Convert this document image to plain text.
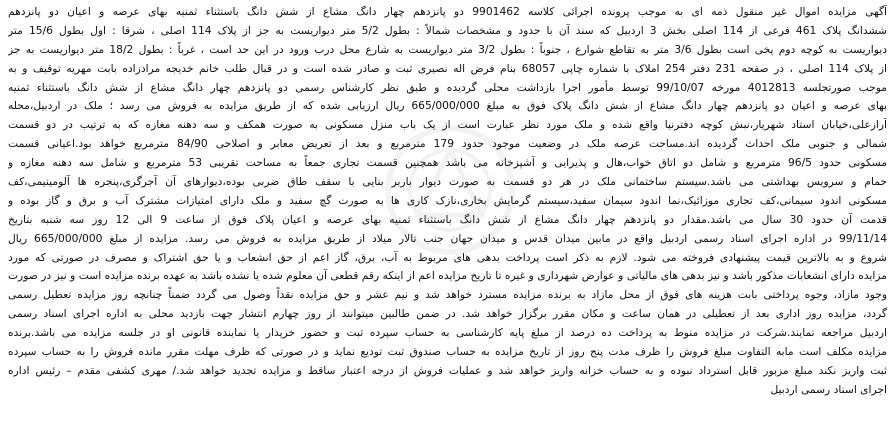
آگهی مزایده اموال غیر منقول ذمه ای به موجب پرونده اجرائی کلاسه 9901462 دو پانزدهم چهار دانگ مشاع از شش دانگ باستثناء ثمنیه بهای عرصه و اعیان دو پانزدهم
ششدانگ پلاک 461 فرعی از 114 اصلی بخش 3 اردبیل که سند آن با حدود و مشخصات شمالاً : بطول 5/2 متر دیواریست به جز از پلاک 114 اصلی ، شرقا : اول بطول 15/6 متر
دیواریست به کوچه دوم پخی است بطول 3/6 متر به تقاطع شوارع ، جنوباً : بطول 3/2 متر دیواریست به شارع محل درب ورود در این حد است ، غرباً : بطول 18/2 متر دیواریست به جز
از پلاک 114 اصلی ، در صفحه 231 دفتر 254 املاک با شماره چاپی 68057 بنام فرض اله نصیری ثبت و صادر شده است و در قبال طلب خانم خدیجه مرادزاده بابت مهریه توقیف و به
موجب صورتجلسه 4012813 مورخه 99/10/07 توسط مأمور اجرا بازداشت محلی گردیده و طبق نظر کارشناس رسمی دو پانزدهم چهار دانگ مشاع از شش دانگ باستثناء ثمنیه
بهای عرصه و اعیان دو پانزدهم چهار دانگ مشاع از شش دانگ پلاک فوق به مبلغ 665/000/000 ریال ارزیابی شده که از طریق مزایده به فروش می رسد ؛ ملک در اردبیل،محله
آرازعلی،خیابان استاد شهریار،نبش کوچه دفترنیا واقع شده و ملک مورد نظر عبارت است از یک باب منزل مسکونی به صورت همکف و سه دهنه مغازه که به ترتیب در دو قسمت
شمالی و جنوبی ملک احداث گردیده اند.مساحت عرصه ملک در وضعیت موجود حدود 179 مترمربع و بعد از تعریض معابر و اصلاحی 84/90 مترمربع خواهد بود.اعیانی قسمت
مسکونی حدود 96/5 مترمربع و شامل دو اتاق خواب،هال و پذیرایی و آشپزخانه می باشد همچنین قسمت تجاری جمعاً به مساحت تقریبی 53 مترمربع و شامل سه دهنه مغازه و
حمام و سرویس بهداشتی می باشد.سیستم ساختمانی ملک در هر دو قسمت به صورت دیوار باربر بنایی با سقف طاق ضربی بوده،دیوارهای آن آجرگری،پنجره ها آلومینیمی،کف
مسکونی اندود سیمانی،کف تجاری موزائیک،نما اندود سیمان سفید،سیستم گرمایش بخاری،نازک کاری ها به صورت گچ سفید و ملک دارای امتیازات مشترک آب و برق و گاز بوده و
قدمت آن حدود 30 سال می باشد.مقدار دو پانزدهم چهار دانگ مشاع از شش دانگ باستثناء ثمنیه بهای عرصه و اعیان پلاک فوق از ساعت 9 الی 12 روز سه شنبه بتاریخ
99/11/14 در اداره اجرای اسناد رسمی اردبیل واقع در مابین میدان قدس و میدان جهان جنب تالار میلاد از طریق مزایده به فروش می رسد. مزایده از مبلغ 665/000/000 ریال
شروع و به بالاترین قیمت پیشنهادی فروخته می شود. لازم به ذکر است پرداخت بدهی های مربوط به آب، برق، گاز اعم از حق انشعاب و یا حق اشتراک و مصرف در صورتی که مورد
مزایده دارای انشعابات مذکور باشد و نیز بدهی های مالیاتی و عوارض شهرداری و غیره تا تاریخ مزایده اعم از اینکه رقم قطعی آن معلوم شده یا نشده باشد به عهده برنده مزایده است و نیز در صورت
وجود مازاد، وجوه پرداختی بابت هزینه های فوق از محل مازاد به برنده مزایده مسترد خواهد شد و نیم عشر و حق مزایده نقداً وصول می گردد ضمناً چنانچه روز مزایده تعطیل رسمی
گردد، مزایده روز اداری بعد از تعطیلی در همان ساعت و مکان مقرر برگزار خواهد شد. در ضمن طالبین میتوانند از روز چهارم انتشار جهت بازدید محلی به اداره اجرای اسناد رسمی
اردبیل مراجعه نمایند.شرکت در مزایده منوط به پرداخت ده درصد از مبلغ پایه کارشناسی به حساب سپرده ثبت و حضور خریدار یا نماینده قانونی او در جلسه مزایده می باشد.برنده
مزایده مکلف است مابه التفاوت مبلغ فروش را ظرف مدت پنج روز از تاریخ مزایده به حساب صندوق ثبت تودیع نماید و در صورتی که ظرف مهلت مقرر مانده فروش را به حساب سپرده
ثبت واریز نکند مبلغ مزبور قابل استرداد نبوده و به حساب خزانه واریز خواهد شد و عملیات فروش از درجه اعتبار ساقط و مزایده تجدید خواهد شد./ مهری کشفی مقدم – رئیس اداره
اجرای اسناد رسمی اردبیل
